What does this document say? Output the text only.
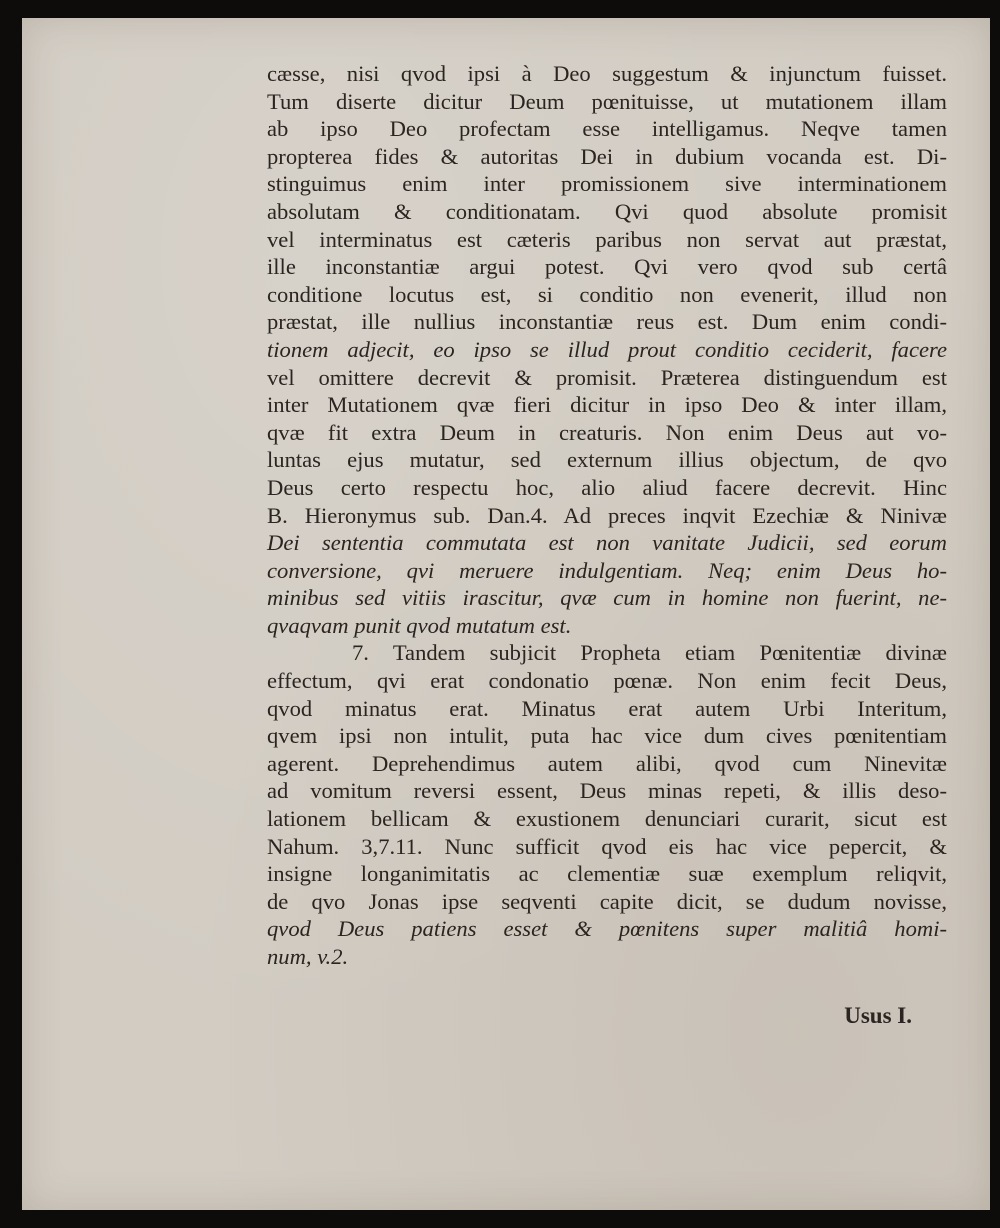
cæsse, nisi qvod ipsi à Deo suggestum & injunctum fuisset.
Tum diserte dicitur Deum pœnituisse, ut mutationem illam
ab ipso Deo profectam esse intelligamus. Neqve tamen
propterea fides & autoritas Dei in dubium vocanda est. Di-
stinguimus enim inter promissionem sive interminationem
absolutam & conditionatam. Qvi quod absolute promisit
vel interminatus est cæteris paribus non servat aut præstat,
ille inconstantiæ argui potest. Qvi vero qvod sub certâ
conditione locutus est, si conditio non evenerit, illud non
præstat, ille nullius inconstantiæ reus est. Dum enim condi-
tionem adjecit, eo ipso se illud prout conditio ceciderit, facere
vel omittere decrevit & promisit. Præterea distinguendum est
inter Mutationem qvæ fieri dicitur in ipso Deo & inter illam,
qvæ fit extra Deum in creaturis. Non enim Deus aut vo-
luntas ejus mutatur, sed externum illius objectum, de qvo
Deus certo respectu hoc, alio aliud facere decrevit. Hinc
B. Hieronymus sub. Dan.4. Ad preces inqvit Ezechiæ & Ninivæ
Dei sententia commutata est non vanitate Judicii, sed eorum
conversione, qvi meruere indulgentiam. Neq; enim Deus ho-
minibus sed vitiis irascitur, qvæ cum in homine non fuerint, ne-
qvaqvam punit qvod mutatum est.
7. Tandem subjicit Propheta etiam Pœnitentiæ divinæ
effectum, qvi erat condonatio pœnæ. Non enim fecit Deus,
qvod minatus erat. Minatus erat autem Urbi Interitum,
qvem ipsi non intulit, puta hac vice dum cives pœnitentiam
agerent. Deprehendimus autem alibi, qvod cum Ninevitæ
ad vomitum reversi essent, Deus minas repeti, & illis deso-
lationem bellicam & exustionem denunciari curarit, sicut est
Nahum. 3,7.11. Nunc sufficit qvod eis hac vice pepercit, &
insigne longanimitatis ac clementiæ suæ exemplum reliqvit,
de qvo Jonas ipse seqventi capite dicit, se dudum novisse,
qvod Deus patiens esset & pœnitens super malitiâ homi-
num, v.2.
Usus I.
